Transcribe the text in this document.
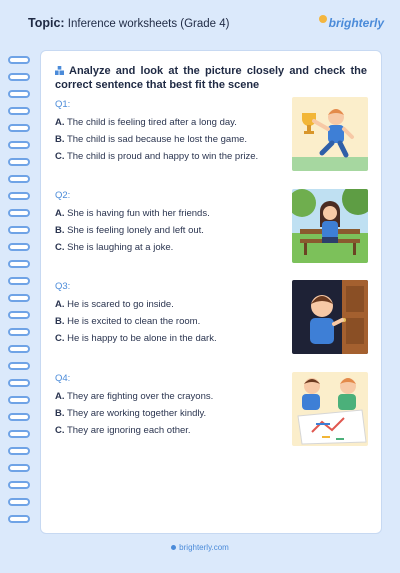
Topic: Inference worksheets (Grade 4)	brighterly
Analyze and look at the picture closely and check the correct sentence that best fit the scene
Q1:
A. The child is feeling tired after a long day.
B. The child is sad because he lost the game.
C. The child is proud and happy to win the prize.
Q2:
A. She is having fun with her friends.
B. She is feeling lonely and left out.
C. She is laughing at a joke.
Q3:
A. He is scared to go inside.
B. He is excited to clean the room.
C. He is happy to be alone in the dark.
Q4:
A. They are fighting over the crayons.
B. They are working together kindly.
C. They are ignoring each other.
brighterly.com
